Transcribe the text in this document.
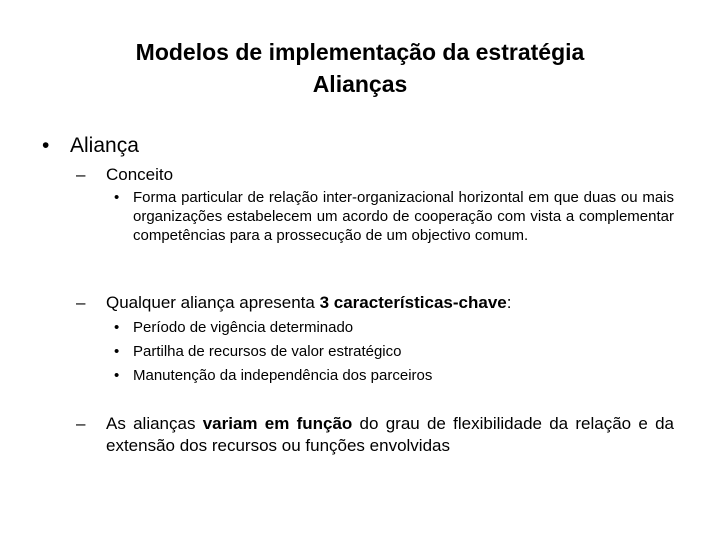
Modelos de implementação da estratégia
Alianças
• Aliança
–	Conceito
• Forma particular de relação inter-organizacional horizontal em que duas ou mais organizações estabelecem um acordo de cooperação com vista a complementar competências para a prossecução de um objectivo comum.
–	Qualquer aliança apresenta 3 características-chave:
• Período de vigência determinado
• Partilha de recursos de valor estratégico
• Manutenção da independência dos parceiros
–	As alianças variam em função do grau de flexibilidade da relação e da extensão dos recursos ou funções envolvidas
